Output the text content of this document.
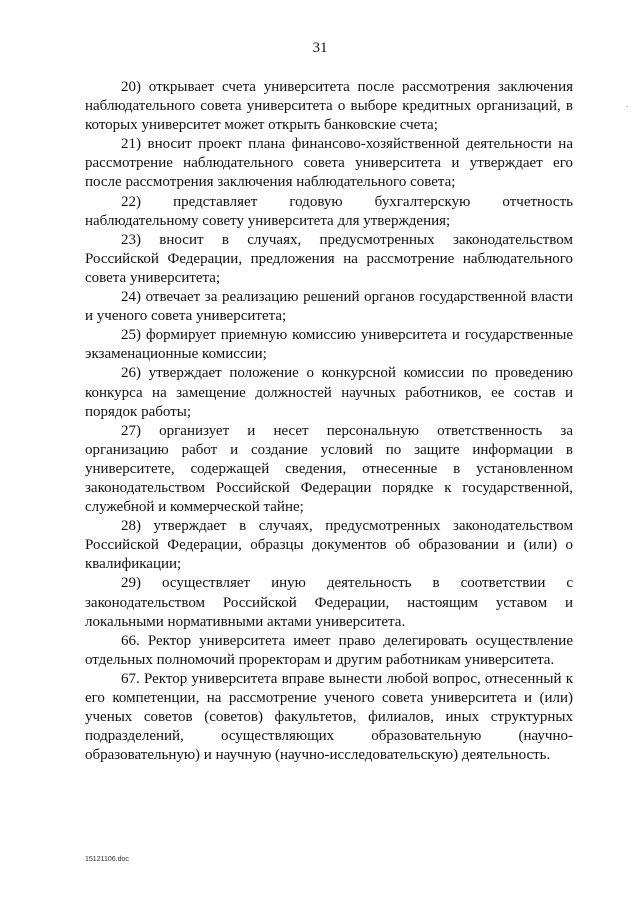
31

20) открывает счета университета после рассмотрения заключения наблюдательного совета университета о выборе кредитных организаций, в которых университет может открыть банковские счета;

21) вносит проект плана финансово-хозяйственной деятельности на рассмотрение наблюдательного совета университета и утверждает его после рассмотрения заключения наблюдательного совета;

22) представляет годовую бухгалтерскую отчетность наблюдательному совету университета для утверждения;

23) вносит в случаях, предусмотренных законодательством Российской Федерации, предложения на рассмотрение наблюдательного совета университета;

24) отвечает за реализацию решений органов государственной власти и ученого совета университета;

25) формирует приемную комиссию университета и государственные экзаменационные комиссии;

26) утверждает положение о конкурсной комиссии по проведению конкурса на замещение должностей научных работников, ее состав и порядок работы;

27) организует и несет персональную ответственность за организацию работ и создание условий по защите информации в университете, содержащей сведения, отнесенные в установленном законодательством Российской Федерации порядке к государственной, служебной и коммерческой тайне;

28) утверждает в случаях, предусмотренных законодательством Российской Федерации, образцы документов об образовании и (или) о квалификации;

29) осуществляет иную деятельность в соответствии с законодательством Российской Федерации, настоящим уставом и локальными нормативными актами университета.

66. Ректор университета имеет право делегировать осуществление отдельных полномочий проректорам и другим работникам университета.

67. Ректор университета вправе вынести любой вопрос, отнесенный к его компетенции, на рассмотрение ученого совета университета и (или) ученых советов (советов) факультетов, филиалов, иных структурных подразделений, осуществляющих образовательную (научно-образовательную) и научную (научно-исследовательскую) деятельность.

.
15121106.doc
